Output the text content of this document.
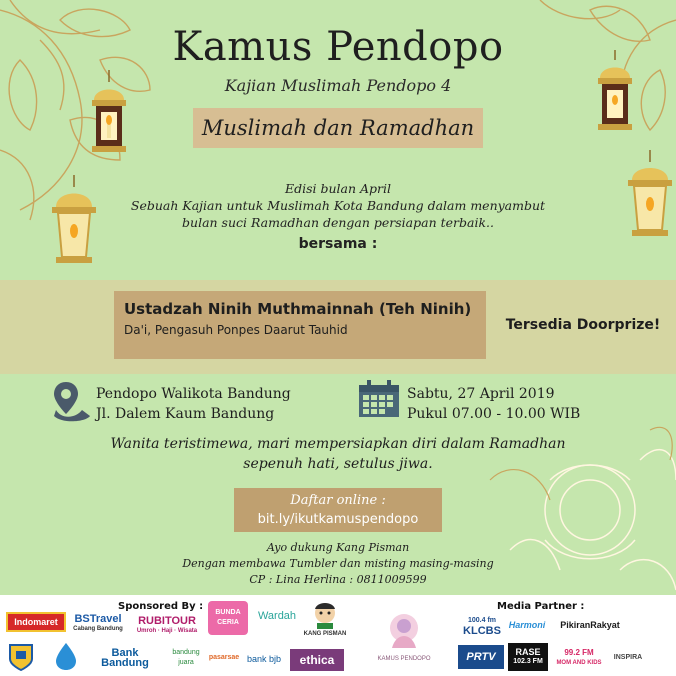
Kamus Pendopo
Kajian Muslimah Pendopo 4
Muslimah dan Ramadhan
Edisi bulan April
Sebuah Kajian untuk Muslimah Kota Bandung dalam menyambut
bulan suci Ramadhan dengan persiapan terbaik..
bersama :
Ustadzah Ninih Muthmainnah (Teh Ninih)
Da'i, Pengasuh Ponpes Daarut Tauhid	Tersedia Doorprize!
Pendopo Walikota Bandung
Jl. Dalem Kaum Bandung
Sabtu, 27 April 2019
Pukul 07.00 - 10.00 WIB
Wanita teristimewa, mari mempersiapkan diri dalam Ramadhan
sepenuh hati, setulus jiwa.
Daftar online :
bit.ly/ikutkamuspendopo
Ayo dukung Kang Pisman
Dengan membawa Tumbler dan misting masing-masing
CP : Lina Herlina : 0811009599
Sponsored By :	Media Partner :
Indomaret	BSTravel
Cabang Bandung
RUBITOUR
Umroh · Haji · Wisata
BUNDA CERIA
Wardah
KANG PISMAN
KAMUS PENDOPO
Bank Bandung
bandung juara
pasarsae bank bjb	ethica
100.4 fm
KLCBS Harmoni	PikiranRakyat
PRTV	RASE
102.3 FM
99.2 FM
MOM AND KIDS
INSPIRA
